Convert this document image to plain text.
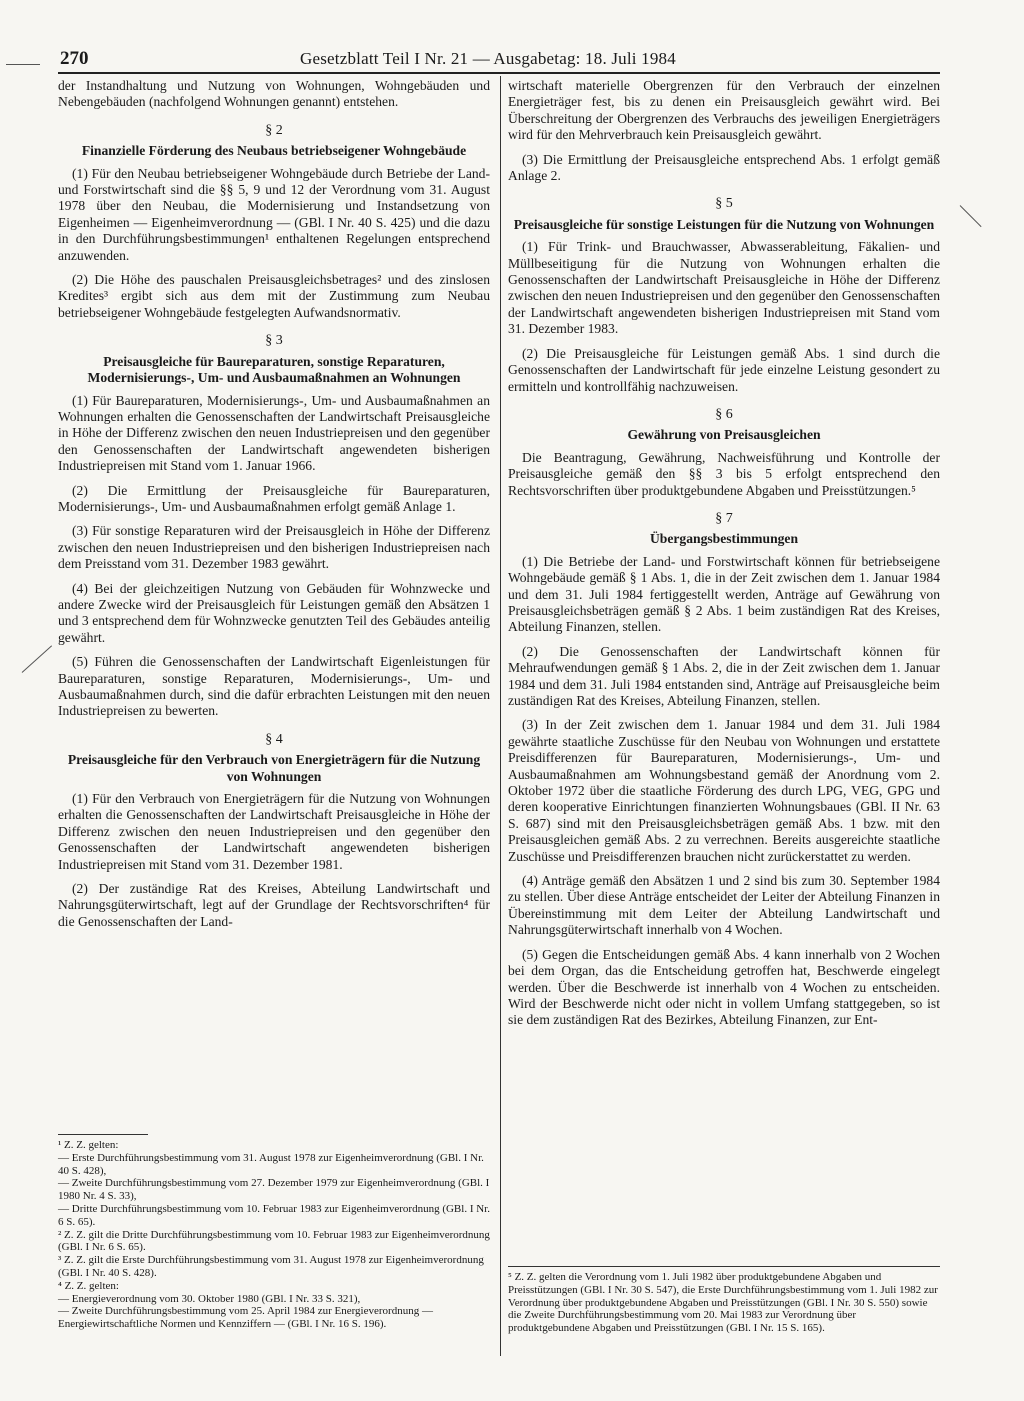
270	Gesetzblatt Teil I Nr. 21 — Ausgabetag: 18. Juli 1984

der Instandhaltung und Nutzung von Wohnungen, Wohngebäuden und Nebengebäuden (nachfolgend Wohnungen genannt) entstehen.

§ 2
Finanzielle Förderung des Neubaus betriebseigener Wohngebäude

(1) Für den Neubau betriebseigener Wohngebäude durch Betriebe der Land- und Forstwirtschaft sind die §§ 5, 9 und 12 der Verordnung vom 31. August 1978 über den Neubau, die Modernisierung und Instandsetzung von Eigenheimen — Eigenheimverordnung — (GBl. I Nr. 40 S. 425) und die dazu in den Durchführungsbestimmungen¹ enthaltenen Regelungen entsprechend anzuwenden.

(2) Die Höhe des pauschalen Preisausgleichsbetrages² und des zinslosen Kredites³ ergibt sich aus dem mit der Zustimmung zum Neubau betriebseigener Wohngebäude festgelegten Aufwandsnormativ.

§ 3
Preisausgleiche für Baureparaturen, sonstige Reparaturen, Modernisierungs-, Um- und Ausbaumaßnahmen an Wohnungen

(1) Für Baureparaturen, Modernisierungs-, Um- und Ausbaumaßnahmen an Wohnungen erhalten die Genossenschaften der Landwirtschaft Preisausgleiche in Höhe der Differenz zwischen den neuen Industriepreisen und den gegenüber den Genossenschaften der Landwirtschaft angewendeten bisherigen Industriepreisen mit Stand vom 1. Januar 1966.

(2) Die Ermittlung der Preisausgleiche für Baureparaturen, Modernisierungs-, Um- und Ausbaumaßnahmen erfolgt gemäß Anlage 1.

(3) Für sonstige Reparaturen wird der Preisausgleich in Höhe der Differenz zwischen den neuen Industriepreisen und den bisherigen Industriepreisen nach dem Preisstand vom 31. Dezember 1983 gewährt.

(4) Bei der gleichzeitigen Nutzung von Gebäuden für Wohnzwecke und andere Zwecke wird der Preisausgleich für Leistungen gemäß den Absätzen 1 und 3 entsprechend dem für Wohnzwecke genutzten Teil des Gebäudes anteilig gewährt.

(5) Führen die Genossenschaften der Landwirtschaft Eigenleistungen für Baureparaturen, sonstige Reparaturen, Modernisierungs-, Um- und Ausbaumaßnahmen durch, sind die dafür erbrachten Leistungen mit den neuen Industriepreisen zu bewerten.

§ 4
Preisausgleiche für den Verbrauch von Energieträgern für die Nutzung von Wohnungen

(1) Für den Verbrauch von Energieträgern für die Nutzung von Wohnungen erhalten die Genossenschaften der Landwirtschaft Preisausgleiche in Höhe der Differenz zwischen den neuen Industriepreisen und den gegenüber den Genossenschaften der Landwirtschaft angewendeten bisherigen Industriepreisen mit Stand vom 31. Dezember 1981.

(2) Der zuständige Rat des Kreises, Abteilung Landwirtschaft und Nahrungsgüterwirtschaft, legt auf der Grundlage der Rechtsvorschriften⁴ für die Genossenschaften der Land-

¹ Z. Z. gelten:

— Erste Durchführungsbestimmung vom 31. August 1978 zur Eigenheimverordnung (GBl. I Nr. 40 S. 428),
— Zweite Durchführungsbestimmung vom 27. Dezember 1979 zur Eigenheimverordnung (GBl. I 1980 Nr. 4 S. 33),
— Dritte Durchführungsbestimmung vom 10. Februar 1983 zur Eigenheimverordnung (GBl. I Nr. 6 S. 65).

² Z. Z. gilt die Dritte Durchführungsbestimmung vom 10. Februar 1983 zur Eigenheimverordnung (GBl. I Nr. 6 S. 65).

³ Z. Z. gilt die Erste Durchführungsbestimmung vom 31. August 1978 zur Eigenheimverordnung (GBl. I Nr. 40 S. 428).

⁴ Z. Z. gelten:

— Energieverordnung vom 30. Oktober 1980 (GBl. I Nr. 33 S. 321),
— Zweite Durchführungsbestimmung vom 25. April 1984 zur Energieverordnung — Energiewirtschaftliche Normen und Kennziffern — (GBl. I Nr. 16 S. 196).

wirtschaft materielle Obergrenzen für den Verbrauch der einzelnen Energieträger fest, bis zu denen ein Preisausgleich gewährt wird. Bei Überschreitung der Obergrenzen des Verbrauchs des jeweiligen Energieträgers wird für den Mehrverbrauch kein Preisausgleich gewährt.

(3) Die Ermittlung der Preisausgleiche entsprechend Abs. 1 erfolgt gemäß Anlage 2.

§ 5
Preisausgleiche für sonstige Leistungen für die Nutzung von Wohnungen

(1) Für Trink- und Brauchwasser, Abwasserableitung, Fäkalien- und Müllbeseitigung für die Nutzung von Wohnungen erhalten die Genossenschaften der Landwirtschaft Preisausgleiche in Höhe der Differenz zwischen den neuen Industriepreisen und den gegenüber den Genossenschaften der Landwirtschaft angewendeten bisherigen Industriepreisen mit Stand vom 31. Dezember 1983.

(2) Die Preisausgleiche für Leistungen gemäß Abs. 1 sind durch die Genossenschaften der Landwirtschaft für jede einzelne Leistung gesondert zu ermitteln und kontrollfähig nachzuweisen.

§ 6
Gewährung von Preisausgleichen

Die Beantragung, Gewährung, Nachweisführung und Kontrolle der Preisausgleiche gemäß den §§ 3 bis 5 erfolgt entsprechend den Rechtsvorschriften über produktgebundene Abgaben und Preisstützungen.⁵

§ 7
Übergangsbestimmungen

(1) Die Betriebe der Land- und Forstwirtschaft können für betriebseigene Wohngebäude gemäß § 1 Abs. 1, die in der Zeit zwischen dem 1. Januar 1984 und dem 31. Juli 1984 fertiggestellt werden, Anträge auf Gewährung von Preisausgleichsbeträgen gemäß § 2 Abs. 1 beim zuständigen Rat des Kreises, Abteilung Finanzen, stellen.

(2) Die Genossenschaften der Landwirtschaft können für Mehraufwendungen gemäß § 1 Abs. 2, die in der Zeit zwischen dem 1. Januar 1984 und dem 31. Juli 1984 entstanden sind, Anträge auf Preisausgleiche beim zuständigen Rat des Kreises, Abteilung Finanzen, stellen.

(3) In der Zeit zwischen dem 1. Januar 1984 und dem 31. Juli 1984 gewährte staatliche Zuschüsse für den Neubau von Wohnungen und erstattete Preisdifferenzen für Baureparaturen, Modernisierungs-, Um- und Ausbaumaßnahmen am Wohnungsbestand gemäß der Anordnung vom 2. Oktober 1972 über die staatliche Förderung des durch LPG, VEG, GPG und deren kooperative Einrichtungen finanzierten Wohnungsbaues (GBl. II Nr. 63 S. 687) sind mit den Preisausgleichsbeträgen gemäß Abs. 1 bzw. mit den Preisausgleichen gemäß Abs. 2 zu verrechnen. Bereits ausgereichte staatliche Zuschüsse und Preisdifferenzen brauchen nicht zurückerstattet zu werden.

(4) Anträge gemäß den Absätzen 1 und 2 sind bis zum 30. September 1984 zu stellen. Über diese Anträge entscheidet der Leiter der Abteilung Finanzen in Übereinstimmung mit dem Leiter der Abteilung Landwirtschaft und Nahrungsgüterwirtschaft innerhalb von 4 Wochen.

(5) Gegen die Entscheidungen gemäß Abs. 4 kann innerhalb von 2 Wochen bei dem Organ, das die Entscheidung getroffen hat, Beschwerde eingelegt werden. Über die Beschwerde ist innerhalb von 4 Wochen zu entscheiden. Wird der Beschwerde nicht oder nicht in vollem Umfang stattgegeben, so ist sie dem zuständigen Rat des Bezirkes, Abteilung Finanzen, zur Ent-

⁵ Z. Z. gelten die Verordnung vom 1. Juli 1982 über produktgebundene Abgaben und Preisstützungen (GBl. I Nr. 30 S. 547), die Erste Durchführungsbestimmung vom 1. Juli 1982 zur Verordnung über produktgebundene Abgaben und Preisstützungen (GBl. I Nr. 30 S. 550) sowie die Zweite Durchführungsbestimmung vom 20. Mai 1983 zur Verordnung über produktgebundene Abgaben und Preisstützungen (GBl. I Nr. 15 S. 165).
